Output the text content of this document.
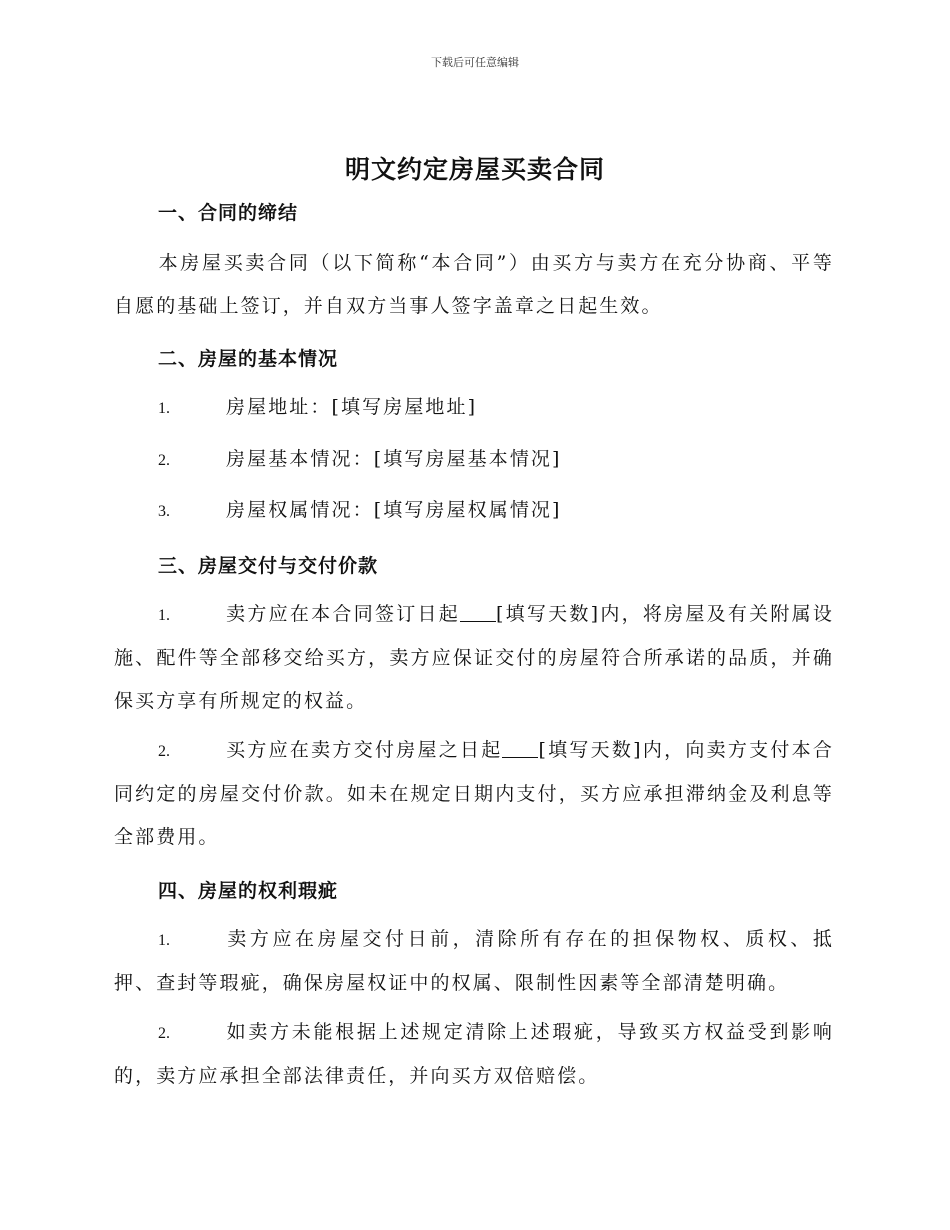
下载后可任意编辑
明文约定房屋买卖合同
一、合同的缔结
本房屋买卖合同（以下简称“本合同”）由买方与卖方在充分协商、平等自愿的基础上签订，并自双方当事人签字盖章之日起生效。
二、房屋的基本情况
1.	房屋地址：[填写房屋地址]
2.	房屋基本情况：[填写房屋基本情况]
3.	房屋权属情况：[填写房屋权属情况]
三、房屋交付与交付价款
1.	卖方应在本合同签订日起 [填写天数]内，将房屋及有关附属设施、配件等全部移交给买方，卖方应保证交付的房屋符合所承诺的品质，并确保买方享有所规定的权益。
2.	买方应在卖方交付房屋之日起 [填写天数]内，向卖方支付本合同约定的房屋交付价款。如未在规定日期内支付，买方应承担滞纳金及利息等全部费用。
四、房屋的权利瑕疵
1.	卖方应在房屋交付日前，清除所有存在的担保物权、质权、抵押、查封等瑕疵，确保房屋权证中的权属、限制性因素等全部清楚明确。
2.	如卖方未能根据上述规定清除上述瑕疵，导致买方权益受到影响的，卖方应承担全部法律责任，并向买方双倍赔偿。
